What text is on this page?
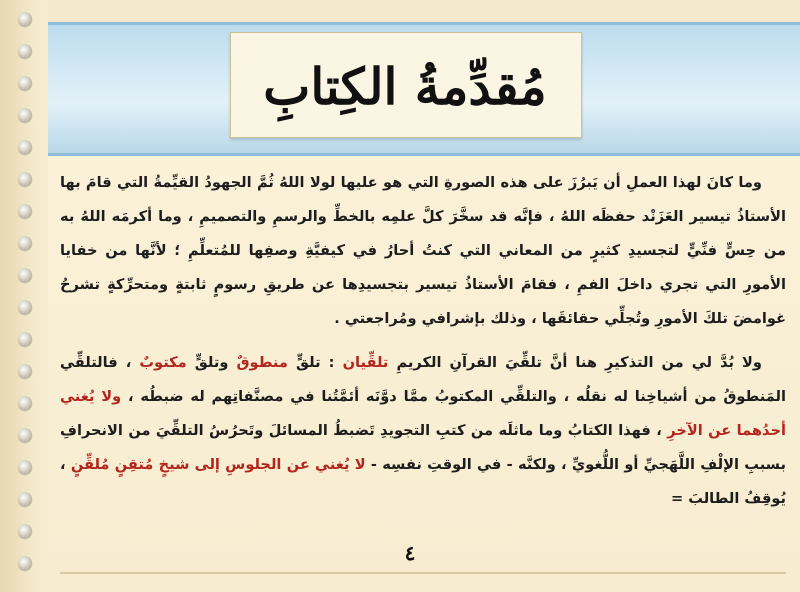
مُقدِّمةُ الكِتابِ

وما كانَ لهذا العملِ أن يَبرُزَ على هذه الصورةِ التي هو عليها لولا اللهُ ثُمَّ الجهودُ القيِّمةُ التي قامَ بها الأستاذُ تيسير العَزَنْد حفظَه اللهُ ، فإنَّه قد سخَّرَ كلَّ علمِه بالخطِّ والرسمِ والتصميمِ ، وما أكرمَه اللهُ به من حِسٍّ فنِّيٍّ لتجسيدِ كثيرٍ من المعاني التي كنتُ أحارُ في كيفيَّةِ وصفِها للمُتعلِّمِ ؛ لأنَّها من خفايا الأمورِ التي تجري داخلَ الفمِ ، فقامَ الأستاذُ تيسير بتجسيدِها عن طريقِ رسومٍ ثابتةٍ ومتحرِّكةٍ تشرحُ غوامضَ تلكَ الأمورِ وتُجلِّي حقائقَها ، وذلك بإشرافي ومُراجعتي .

ولا بُدَّ لي من التذكيرِ هنا أنَّ تلقِّيَ القرآنِ الكريمِ تلقِّيان : تلقٍّ منطوقٌ وتلقٍّ مكتوبٌ ، فالتلقِّي المَنطوقُ من أشياخِنا له نقلُه ، والتلقِّي المكتوبُ ممَّا دوَّنَه أئمَّتُنا في مصنَّفاتِهم له ضبطُه ، ولا يُغني أحدُهما عن الآخرِ ، فهذا الكتابُ وما ماثلَه من كتبِ التجويدِ تَضبطُ المسائلَ وتَحرُسُ التلقِّيَ من الانحرافِ بسببِ الإلْفِ اللَّهَجيِّ أو اللُّغويِّ ، ولكنَّه - في الوقتِ نفسِه - لا يُغني عن الجلوسِ إلى شيخٍ مُتقِنٍ مُلقِّنٍ ، يُوقِفُ الطالبَ =

٤
